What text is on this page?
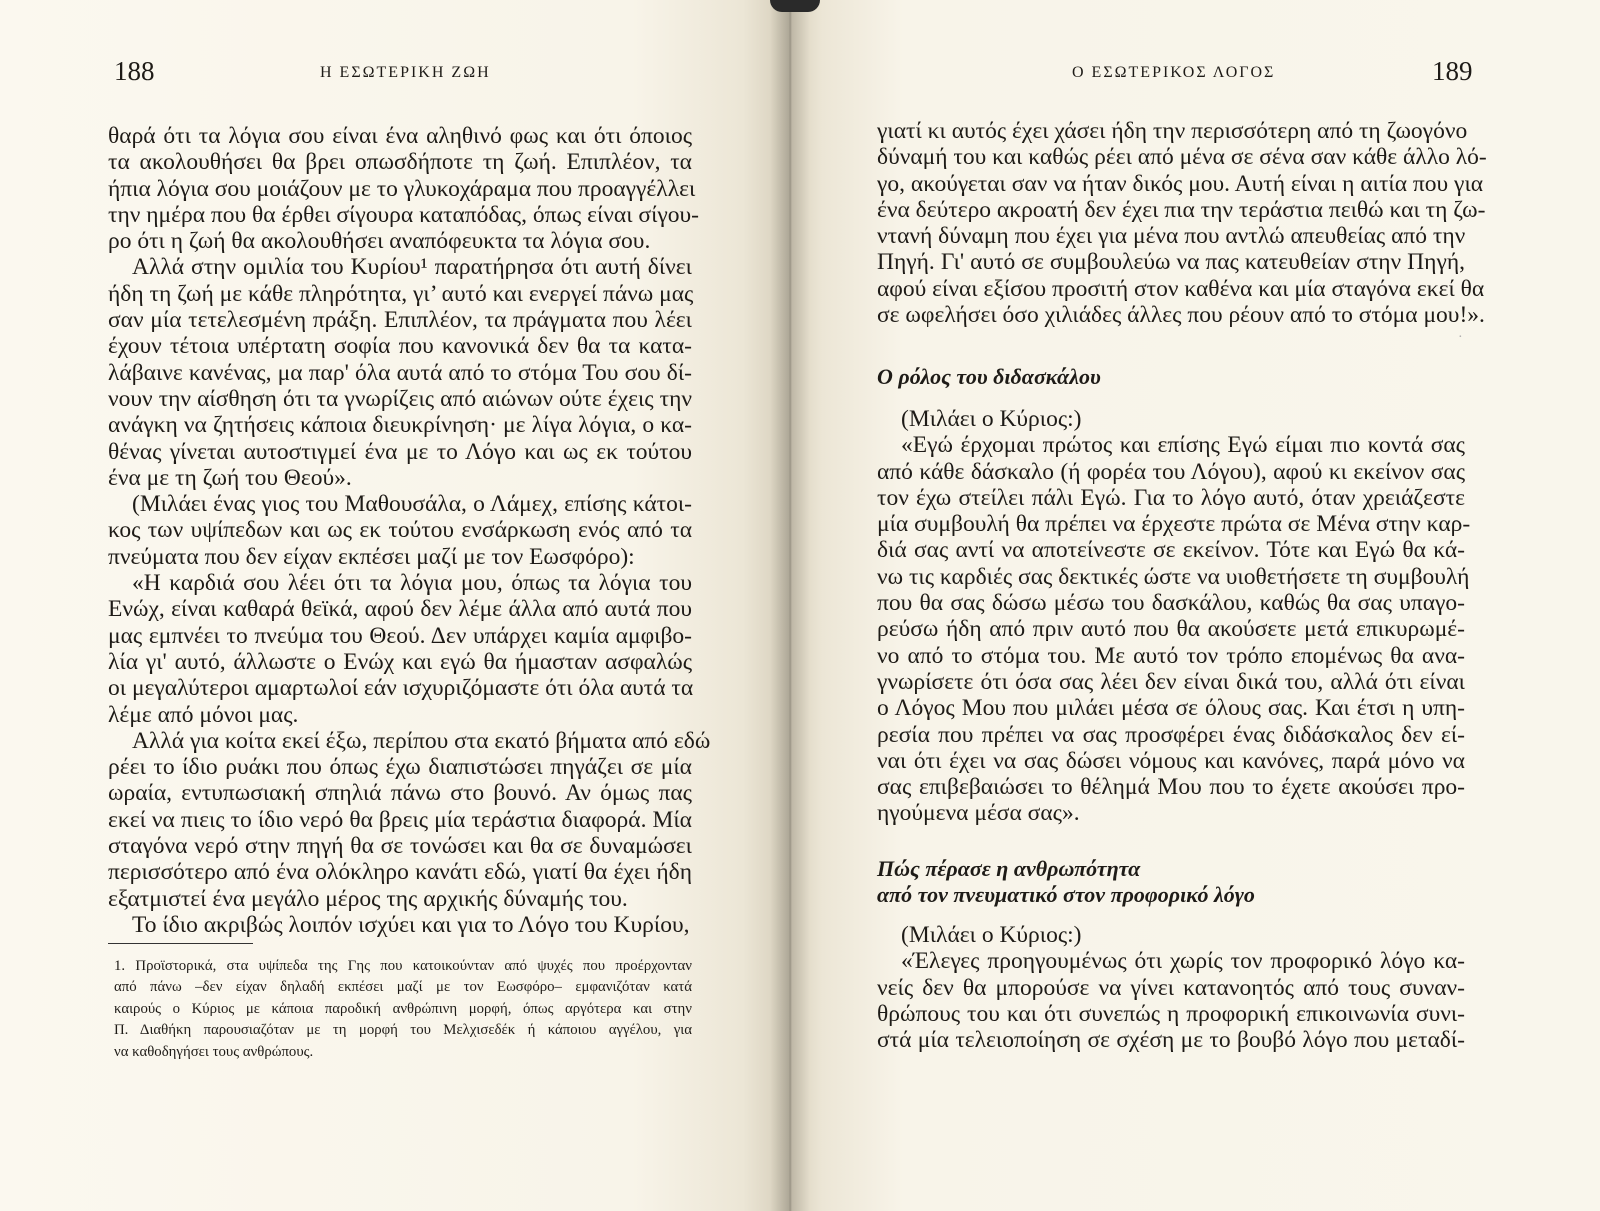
188	Η ΕΣΩΤΕΡΙΚΗ ΖΩΗ
θαρά ότι τα λόγια σου είναι ένα αληθινό φως και ότι όποιος
τα ακολουθήσει θα βρει οπωσδήποτε τη ζωή. Επιπλέον, τα
ήπια λόγια σου μοιάζουν με το γλυκοχάραμα που προαγγέλλει
την ημέρα που θα έρθει σίγουρα καταπόδας, όπως είναι σίγου-
ρο ότι η ζωή θα ακολουθήσει αναπόφευκτα τα λόγια σου.
Αλλά στην ομιλία του Κυρίου¹ παρατήρησα ότι αυτή δίνει
ήδη τη ζωή με κάθε πληρότητα, γι’ αυτό και ενεργεί πάνω μας
σαν μία τετελεσμένη πράξη. Επιπλέον, τα πράγματα που λέει
έχουν τέτοια υπέρτατη σοφία που κανονικά δεν θα τα κατα-
λάβαινε κανένας, μα παρ' όλα αυτά από το στόμα Του σου δί-
νουν την αίσθηση ότι τα γνωρίζεις από αιώνων ούτε έχεις την
ανάγκη να ζητήσεις κάποια διευκρίνηση· με λίγα λόγια, ο κα-
θένας γίνεται αυτοστιγμεί ένα με το Λόγο και ως εκ τούτου
ένα με τη ζωή του Θεού».
(Μιλάει ένας γιος του Μαθουσάλα, ο Λάμεχ, επίσης κάτοι-
κος των υψίπεδων και ως εκ τούτου ενσάρκωση ενός από τα
πνεύματα που δεν είχαν εκπέσει μαζί με τον Εωσφόρο):
«Η καρδιά σου λέει ότι τα λόγια μου, όπως τα λόγια του
Ενώχ, είναι καθαρά θεϊκά, αφού δεν λέμε άλλα από αυτά που
μας εμπνέει το πνεύμα του Θεού. Δεν υπάρχει καμία αμφιβο-
λία γι' αυτό, άλλωστε ο Ενώχ και εγώ θα ήμασταν ασφαλώς
οι μεγαλύτεροι αμαρτωλοί εάν ισχυριζόμαστε ότι όλα αυτά τα
λέμε από μόνοι μας.
Αλλά για κοίτα εκεί έξω, περίπου στα εκατό βήματα από εδώ
ρέει το ίδιο ρυάκι που όπως έχω διαπιστώσει πηγάζει σε μία
ωραία, εντυπωσιακή σπηλιά πάνω στο βουνό. Αν όμως πας
εκεί να πιεις το ίδιο νερό θα βρεις μία τεράστια διαφορά. Μία
σταγόνα νερό στην πηγή θα σε τονώσει και θα σε δυναμώσει
περισσότερο από ένα ολόκληρο κανάτι εδώ, γιατί θα έχει ήδη
εξατμιστεί ένα μεγάλο μέρος της αρχικής δύναμής του.
Το ίδιο ακριβώς λοιπόν ισχύει και για το Λόγο του Κυρίου,
1. Προϊστορικά, στα υψίπεδα της Γης που κατοικούνταν από ψυχές που προέρχονταν
από πάνω –δεν είχαν δηλαδή εκπέσει μαζί με τον Εωσφόρο– εμφανιζόταν κατά
καιρούς ο Κύριος με κάποια παροδική ανθρώπινη μορφή, όπως αργότερα και στην
Π. Διαθήκη παρουσιαζόταν με τη μορφή του Μελχισεδέκ ή κάποιου αγγέλου, για
να καθοδηγήσει τους ανθρώπους.
Ο ΕΣΩΤΕΡΙΚΟΣ ΛΟΓΟΣ	189
γιατί κι αυτός έχει χάσει ήδη την περισσότερη από τη ζωογόνο
δύναμή του και καθώς ρέει από μένα σε σένα σαν κάθε άλλο λό-
γο, ακούγεται σαν να ήταν δικός μου. Αυτή είναι η αιτία που για
ένα δεύτερο ακροατή δεν έχει πια την τεράστια πειθώ και τη ζω-
ντανή δύναμη που έχει για μένα που αντλώ απευθείας από την
Πηγή. Γι' αυτό σε συμβουλεύω να πας κατευθείαν στην Πηγή,
αφού είναι εξίσου προσιτή στον καθένα και μία σταγόνα εκεί θα
σε ωφελήσει όσο χιλιάδες άλλες που ρέουν από το στόμα μου!».
Ο ρόλος του διδασκάλου
(Μιλάει ο Κύριος:)
«Εγώ έρχομαι πρώτος και επίσης Εγώ είμαι πιο κοντά σας
από κάθε δάσκαλο (ή φορέα του Λόγου), αφού κι εκείνον σας
τον έχω στείλει πάλι Εγώ. Για το λόγο αυτό, όταν χρειάζεστε
μία συμβουλή θα πρέπει να έρχεστε πρώτα σε Μένα στην καρ-
διά σας αντί να αποτείνεστε σε εκείνον. Τότε και Εγώ θα κά-
νω τις καρδιές σας δεκτικές ώστε να υιοθετήσετε τη συμβουλή
που θα σας δώσω μέσω του δασκάλου, καθώς θα σας υπαγο-
ρεύσω ήδη από πριν αυτό που θα ακούσετε μετά επικυρωμέ-
νο από το στόμα του. Με αυτό τον τρόπο επομένως θα ανα-
γνωρίσετε ότι όσα σας λέει δεν είναι δικά του, αλλά ότι είναι
ο Λόγος Μου που μιλάει μέσα σε όλους σας. Και έτσι η υπη-
ρεσία που πρέπει να σας προσφέρει ένας διδάσκαλος δεν εί-
ναι ότι έχει να σας δώσει νόμους και κανόνες, παρά μόνο να
σας επιβεβαιώσει το θέλημά Μου που το έχετε ακούσει προ-
ηγούμενα μέσα σας».
Πώς πέρασε η ανθρωπότητα
από τον πνευματικό στον προφορικό λόγο
(Μιλάει ο Κύριος:)
«Έλεγες προηγουμένως ότι χωρίς τον προφορικό λόγο κα-
νείς δεν θα μπορούσε να γίνει κατανοητός από τους συναν-
θρώπους του και ότι συνεπώς η προφορική επικοινωνία συνι-
στά μία τελειοποίηση σε σχέση με το βουβό λόγο που μεταδί-
·
